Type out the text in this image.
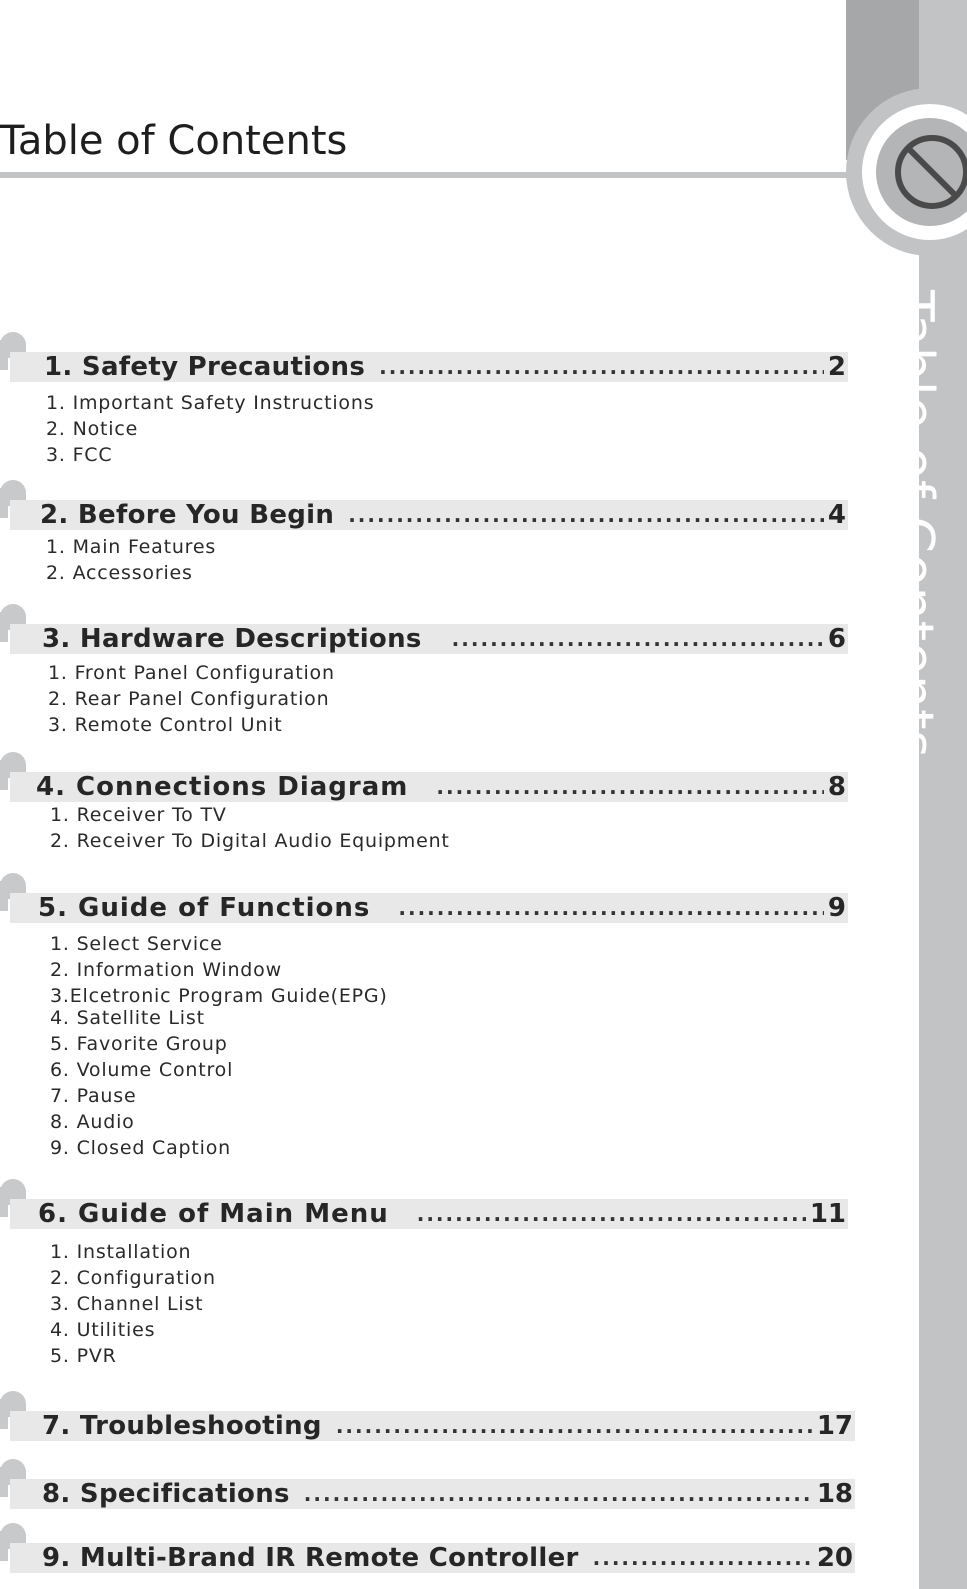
Table of Contents
Table of Contents
1. Safety Precautions .....	2
1. Important Safety Instructions
2. Notice
3. FCC
2. Before You Begin .....	4
1. Main Features
2. Accessories
3. Hardware Descriptions .....	6
1. Front Panel Configuration
2. Rear Panel Configuration
3. Remote Control Unit
4. Connections Diagram .....	8
1. Receiver To TV
2. Receiver To Digital Audio Equipment
5. Guide of Functions .....	9
1. Select Service
2. Information Window
3.Elcetronic Program Guide(EPG)
4. Satellite List
5. Favorite Group
6. Volume Control
7. Pause
8. Audio
9. Closed Caption
6. Guide of Main Menu .....	11
1. Installation
2. Configuration
3. Channel List
4. Utilities
5. PVR
7. Troubleshooting .....	17
8. Specifications .....	18
9. Multi-Brand IR Remote Controller .....	20
